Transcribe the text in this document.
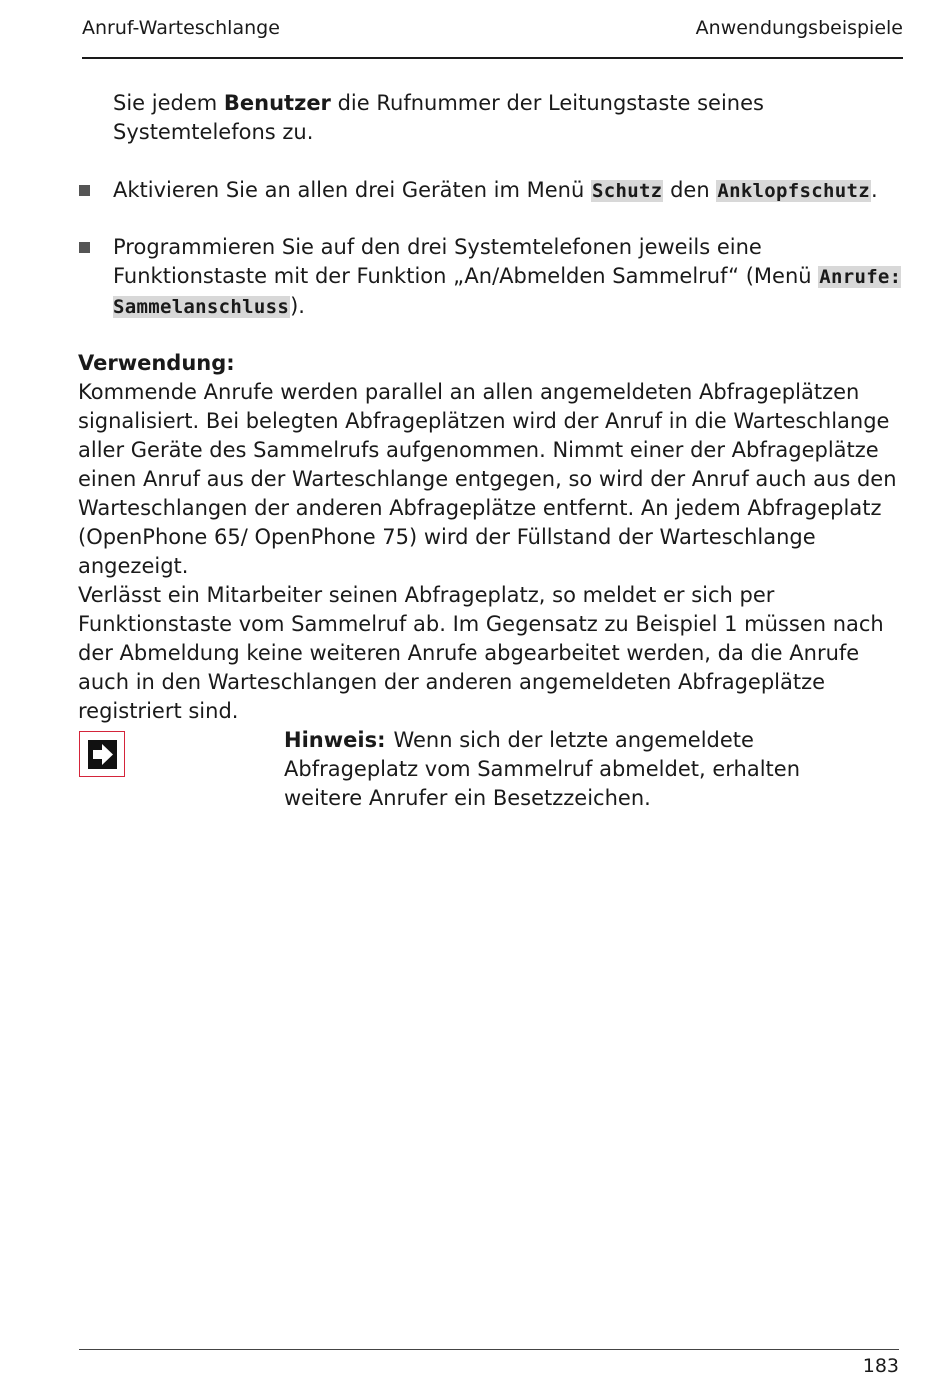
Anruf-Warteschlange	Anwendungsbeispiele
Sie jedem Benutzer die Rufnummer der Leitungstaste seines Systemtelefons zu.
Aktivieren Sie an allen drei Geräten im Menü Schutz den Anklopfschutz.
Programmieren Sie auf den drei Systemtelefonen jeweils eine Funktionstaste mit der Funktion „An/Abmelden Sammelruf“ (Menü Anrufe: Sammelanschluss).
Verwendung:
Kommende Anrufe werden parallel an allen angemeldeten Abfrageplätzen signalisiert. Bei belegten Abfrageplätzen wird der Anruf in die Warteschlange aller Geräte des Sammelrufs aufgenommen. Nimmt einer der Abfrageplätze einen Anruf aus der Warteschlange entgegen, so wird der Anruf auch aus den Warteschlangen der anderen Abfrageplätze entfernt. An jedem Abfrageplatz (OpenPhone 65/ OpenPhone 75) wird der Füllstand der Warteschlange angezeigt.
Verlässt ein Mitarbeiter seinen Abfrageplatz, so meldet er sich per Funktionstaste vom Sammelruf ab. Im Gegensatz zu Beispiel 1 müssen nach der Abmeldung keine weiteren Anrufe abgearbeitet werden, da die Anrufe auch in den Warteschlangen der anderen angemeldeten Abfrageplätze registriert sind.
Hinweis: Wenn sich der letzte angemeldete Abfrageplatz vom Sammelruf abmeldet, erhalten weitere Anrufer ein Besetzzeichen.
183
